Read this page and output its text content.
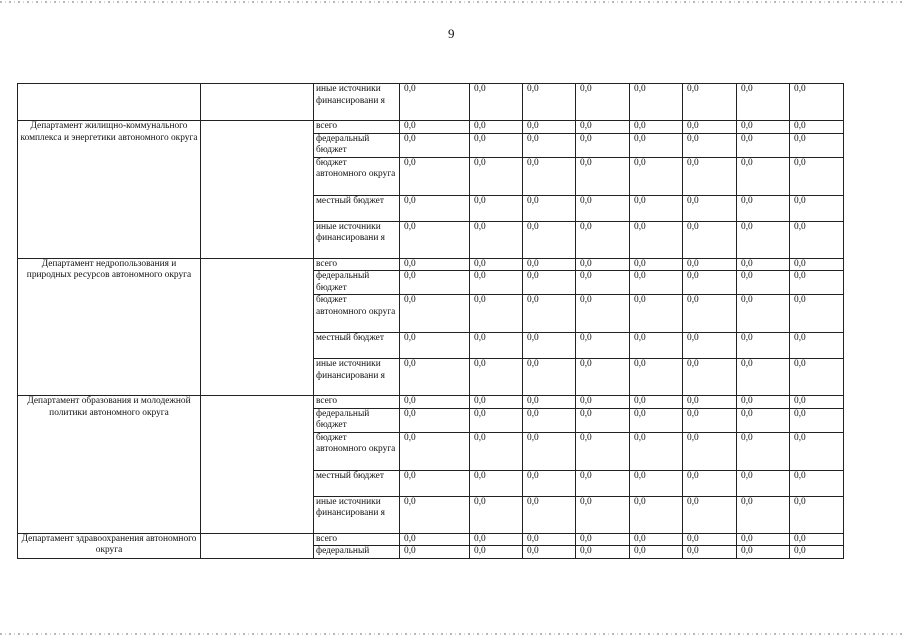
9
		иные источники финансировани я	0,0	0,0	0,0	0,0	0,0	0,0	0,0	0,0
Департамент жилищно-коммунального комплекса и энергетики автономного округа		всего	0,0	0,0	0,0	0,0	0,0	0,0	0,0	0,0
		федеральный бюджет	0,0	0,0	0,0	0,0	0,0	0,0	0,0	0,0
		бюджет автономного округа	0,0	0,0	0,0	0,0	0,0	0,0	0,0	0,0
		местный бюджет	0,0	0,0	0,0	0,0	0,0	0,0	0,0	0,0
		иные источники финансировани я	0,0	0,0	0,0	0,0	0,0	0,0	0,0	0,0
Департамент недропользования и природных ресурсов автономного округа		всего	0,0	0,0	0,0	0,0	0,0	0,0	0,0	0,0
		федеральный бюджет	0,0	0,0	0,0	0,0	0,0	0,0	0,0	0,0
		бюджет автономного округа	0,0	0,0	0,0	0,0	0,0	0,0	0,0	0,0
		местный бюджет	0,0	0,0	0,0	0,0	0,0	0,0	0,0	0,0
		иные источники финансировани я	0,0	0,0	0,0	0,0	0,0	0,0	0,0	0,0
Департамент образования и молодежной политики автономного округа		всего	0,0	0,0	0,0	0,0	0,0	0,0	0,0	0,0
		федеральный бюджет	0,0	0,0	0,0	0,0	0,0	0,0	0,0	0,0
		бюджет автономного округа	0,0	0,0	0,0	0,0	0,0	0,0	0,0	0,0
		местный бюджет	0,0	0,0	0,0	0,0	0,0	0,0	0,0	0,0
		иные источники финансировани я	0,0	0,0	0,0	0,0	0,0	0,0	0,0	0,0
Департамент здравоохранения автономного округа		всего	0,0	0,0	0,0	0,0	0,0	0,0	0,0	0,0
		федеральный	0,0	0,0	0,0	0,0	0,0	0,0	0,0	0,0
